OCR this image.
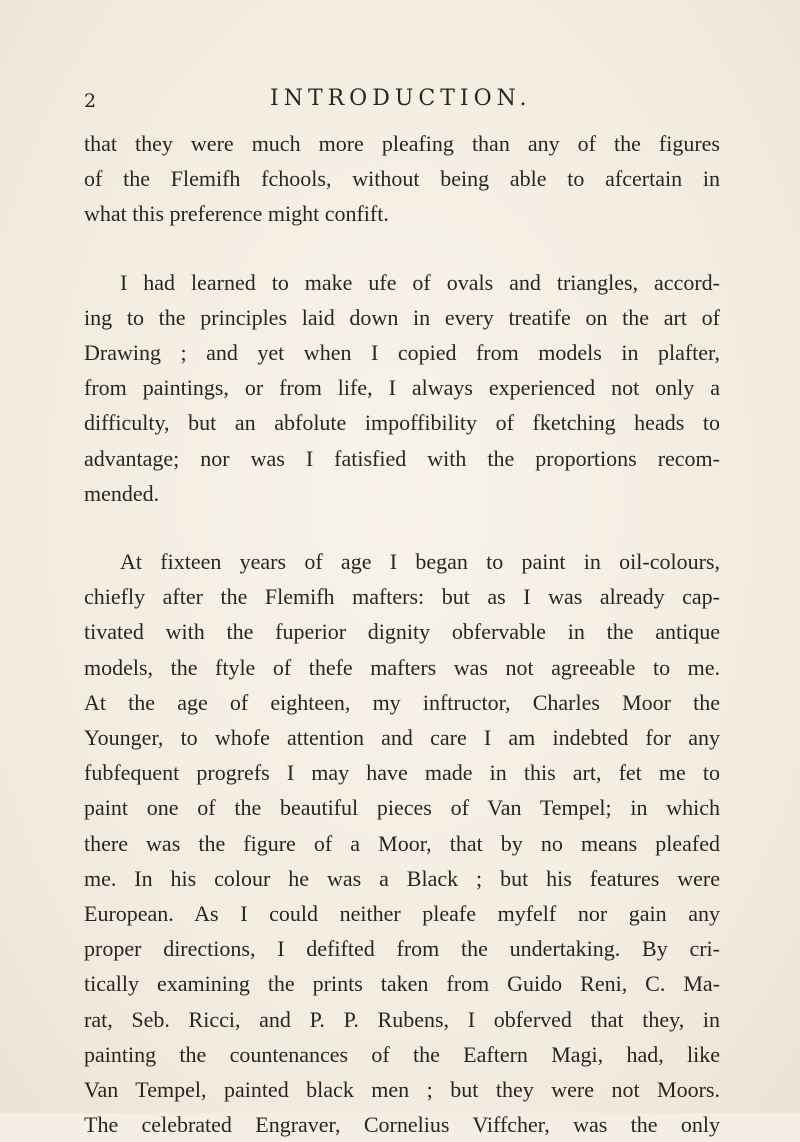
2	INTRODUCTION.
that they were much more pleafing than any of the figures
of the Flemifh fchools, without being able to afcertain in
what this preference might confift.
I had learned to make ufe of ovals and triangles, accord-
ing to the principles laid down in every treatife on the art of
Drawing ; and yet when I copied from models in plafter,
from paintings, or from life, I always experienced not only a
difficulty, but an abfolute impoffibility of fketching heads to
advantage; nor was I fatisfied with the proportions recom-
mended.
At fixteen years of age I began to paint in oil-colours,
chiefly after the Flemifh mafters: but as I was already cap-
tivated with the fuperior dignity obfervable in the antique
models, the ftyle of thefe mafters was not agreeable to me.
At the age of eighteen, my inftructor, Charles Moor the
Younger, to whofe attention and care I am indebted for any
fubfequent progrefs I may have made in this art, fet me to
paint one of the beautiful pieces of Van Tempel; in which
there was the figure of a Moor, that by no means pleafed
me. In his colour he was a Black ; but his features were
European. As I could neither pleafe myfelf nor gain any
proper directions, I defifted from the undertaking. By cri-
tically examining the prints taken from Guido Reni, C. Ma-
rat, Seb. Ricci, and P. P. Rubens, I obferved that they, in
painting the countenances of the Eaftern Magi, had, like
Van Tempel, painted black men ; but they were not Moors.
The celebrated Engraver, Cornelius Viffcher, was the only
